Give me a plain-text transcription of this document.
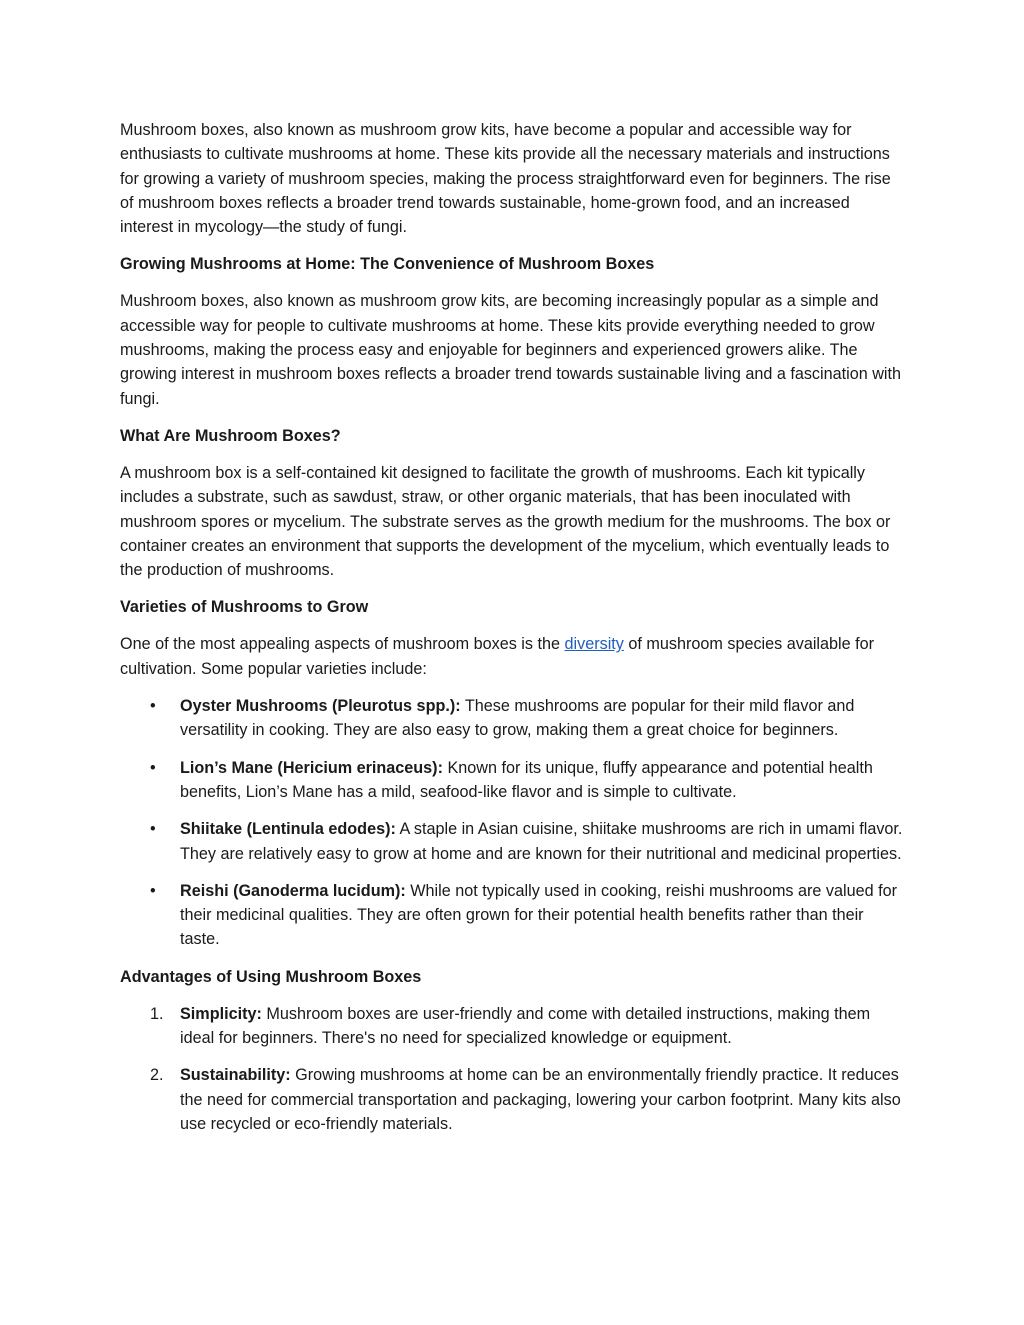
Mushroom boxes, also known as mushroom grow kits, have become a popular and accessible way for enthusiasts to cultivate mushrooms at home. These kits provide all the necessary materials and instructions for growing a variety of mushroom species, making the process straightforward even for beginners. The rise of mushroom boxes reflects a broader trend towards sustainable, home-grown food, and an increased interest in mycology—the study of fungi.

Growing Mushrooms at Home: The Convenience of Mushroom Boxes

Mushroom boxes, also known as mushroom grow kits, are becoming increasingly popular as a simple and accessible way for people to cultivate mushrooms at home. These kits provide everything needed to grow mushrooms, making the process easy and enjoyable for beginners and experienced growers alike. The growing interest in mushroom boxes reflects a broader trend towards sustainable living and a fascination with fungi.

What Are Mushroom Boxes?

A mushroom box is a self-contained kit designed to facilitate the growth of mushrooms. Each kit typically includes a substrate, such as sawdust, straw, or other organic materials, that has been inoculated with mushroom spores or mycelium. The substrate serves as the growth medium for the mushrooms. The box or container creates an environment that supports the development of the mycelium, which eventually leads to the production of mushrooms.

Varieties of Mushrooms to Grow

One of the most appealing aspects of mushroom boxes is the diversity of mushroom species available for cultivation. Some popular varieties include:

• Oyster Mushrooms (Pleurotus spp.): These mushrooms are popular for their mild flavor and versatility in cooking. They are also easy to grow, making them a great choice for beginners.
• Lion’s Mane (Hericium erinaceus): Known for its unique, fluffy appearance and potential health benefits, Lion’s Mane has a mild, seafood-like flavor and is simple to cultivate.
• Shiitake (Lentinula edodes): A staple in Asian cuisine, shiitake mushrooms are rich in umami flavor. They are relatively easy to grow at home and are known for their nutritional and medicinal properties.
• Reishi (Ganoderma lucidum): While not typically used in cooking, reishi mushrooms are valued for their medicinal qualities. They are often grown for their potential health benefits rather than their taste.
Advantages of Using Mushroom Boxes
1. Simplicity: Mushroom boxes are user-friendly and come with detailed instructions, making them ideal for beginners. There's no need for specialized knowledge or equipment.
2. Sustainability: Growing mushrooms at home can be an environmentally friendly practice. It reduces the need for commercial transportation and packaging, lowering your carbon footprint. Many kits also use recycled or eco-friendly materials.
